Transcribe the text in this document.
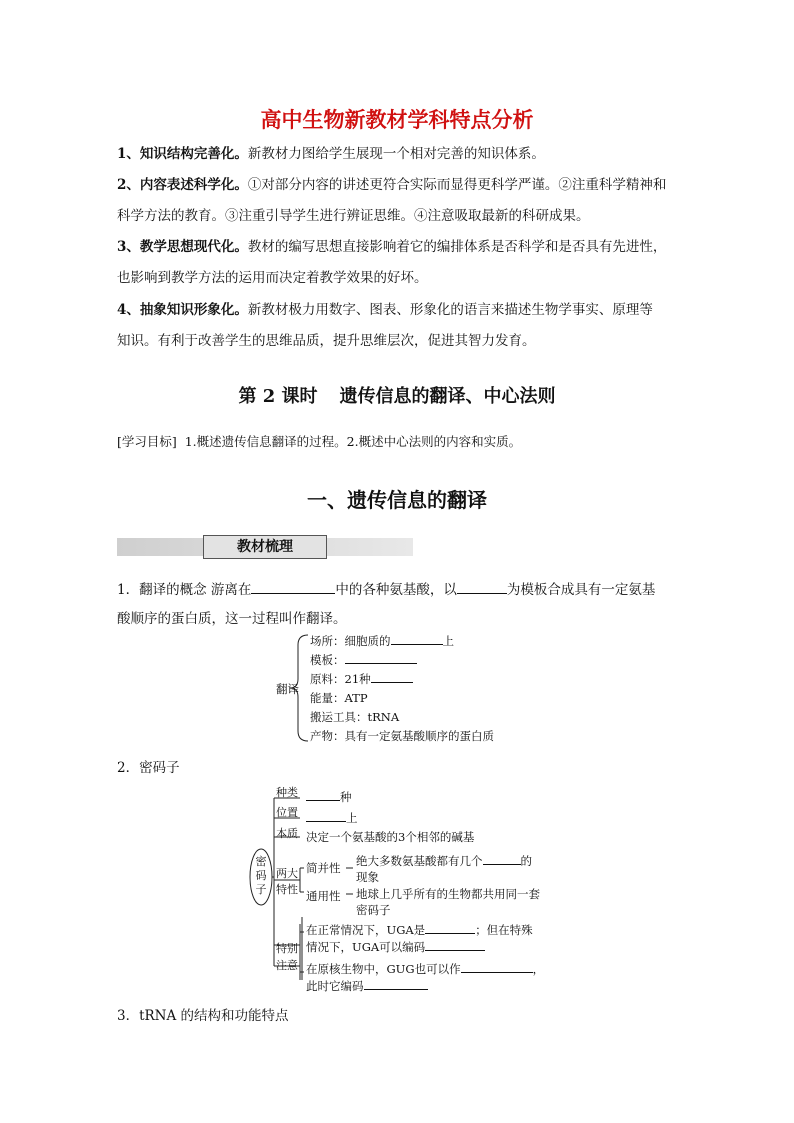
高中生物新教材学科特点分析
1、知识结构完善化。新教材力图给学生展现一个相对完善的知识体系。
2、内容表述科学化。①对部分内容的讲述更符合实际而显得更科学严谨。②注重科学精神和
科学方法的教育。③注重引导学生进行辨证思维。④注意吸取最新的科研成果。
3、教学思想现代化。教材的编写思想直接影响着它的编排体系是否科学和是否具有先进性，
也影响到教学方法的运用而决定着教学效果的好坏。
4、抽象知识形象化。新教材极力用数字、图表、形象化的语言来描述生物学事实、原理等
知识。有利于改善学生的思维品质，提升思维层次，促进其智力发育。
第 2 课时 遗传信息的翻译、中心法则
[学习目标] 1.概述遗传信息翻译的过程。2.概述中心法则的内容和实质。
一、遗传信息的翻译
教材梳理
1．翻译的概念 游离在	中的各种氨基酸，以	为模板合成具有一定氨基
酸顺序的蛋白质，这一过程叫作翻译。
翻译
场所：细胞质的	上
模板：
原料：21种
能量：ATP
搬运工具：tRNA
产物：具有一定氨基酸顺序的蛋白质
2．密码子
密码子
种类	种
位置	上
本质 决定一个氨基酸的3个相邻的碱基
两大特性
简并性 绝大多数氨基酸都有几个	的
现象
通用性 地球上几乎所有的生物都共用同一套
密码子
特别注意
在正常情况下，UGA是	；但在特殊
情况下，UGA可以编码
在原核生物中，GUG也可以作	，
此时它编码
3．tRNA 的结构和功能特点
